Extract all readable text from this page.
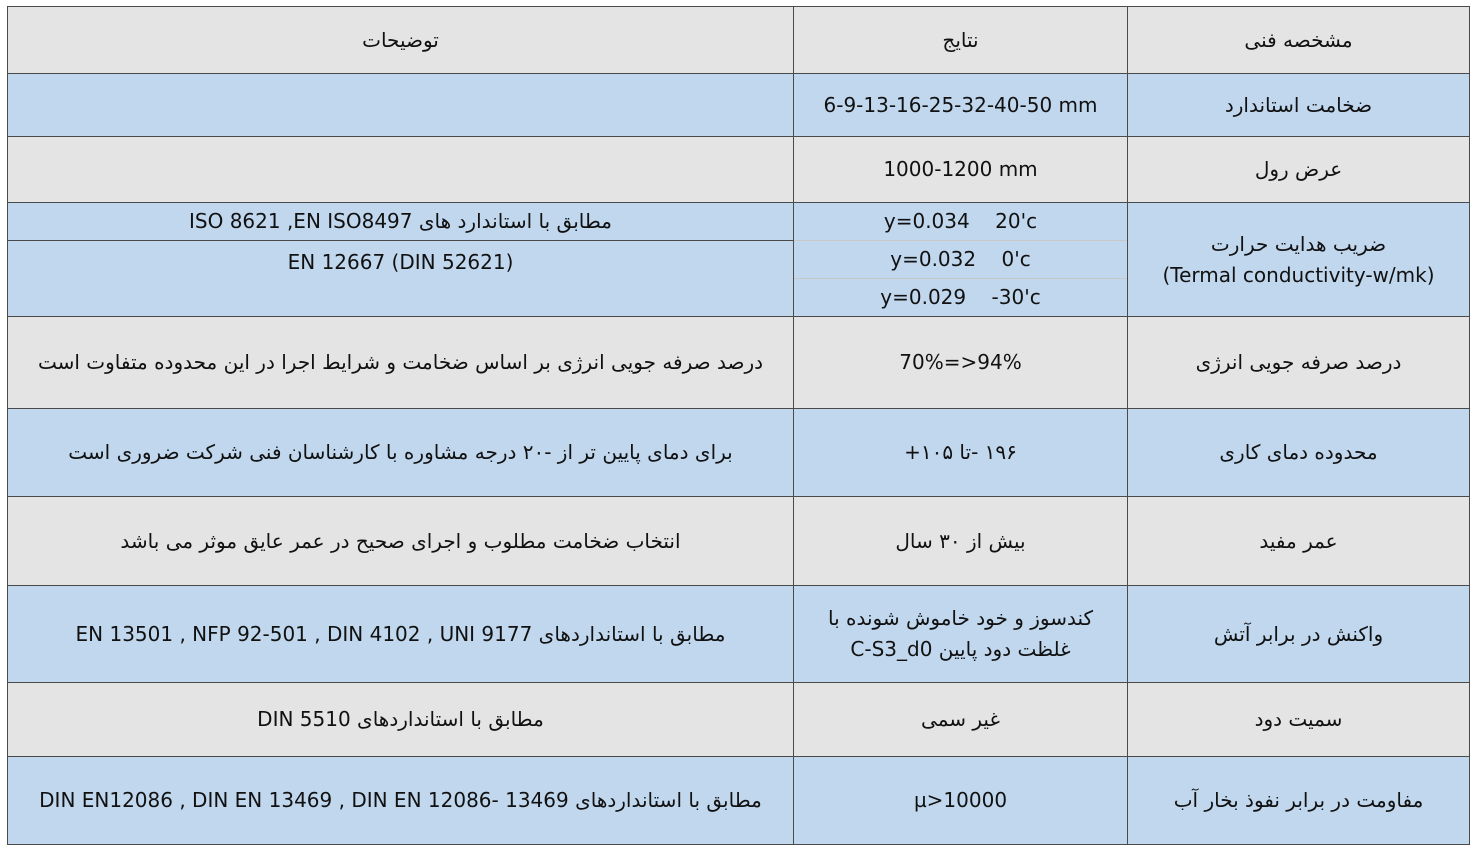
مشخصه فنی	نتایج	توضیحات
ضخامت استاندارد	6-9-13-16-25-32-40-50 mm	
عرض رول	1000-1200 mm	

ضریب هدایت حرارت
(Termal conductivity-w/mk)	y=0.034    20'c	مطابق با استاندارد های ISO 8621 ,EN ISO8497
	y=0.032    0'c	EN 12667 (DIN 52621)
	y=0.029    -30'c	
درصد صرفه جویی انرژی	70%=>94%	درصد صرفه جویی انرژی بر اساس ضخامت و شرایط اجرا در این محدوده متفاوت است
محدوده دمای کاری	۱۹۶ -تا ۱۰۵+	برای دمای پایین تر از -۲۰ درجه مشاوره با کارشناسان فنی شرکت ضروری است
عمر مفید	بیش از ۳۰ سال	انتخاب ضخامت مطلوب و اجرای صحیح در عمر عایق موثر می باشد
واکنش در برابر آتش	کندسوز و خود خاموش شونده با غلظت دود پایین C-S3_d0	مطابق با استانداردهای EN 13501 , NFP 92-501 , DIN 4102 , UNI 9177
سمیت دود	غیر سمی	مطابق با استانداردهای DIN 5510
مفاومت در برابر نفوذ بخار آب	µ>10000	مطابق با استانداردهای DIN EN12086 , DIN EN 13469 , DIN EN 12086- 13469
